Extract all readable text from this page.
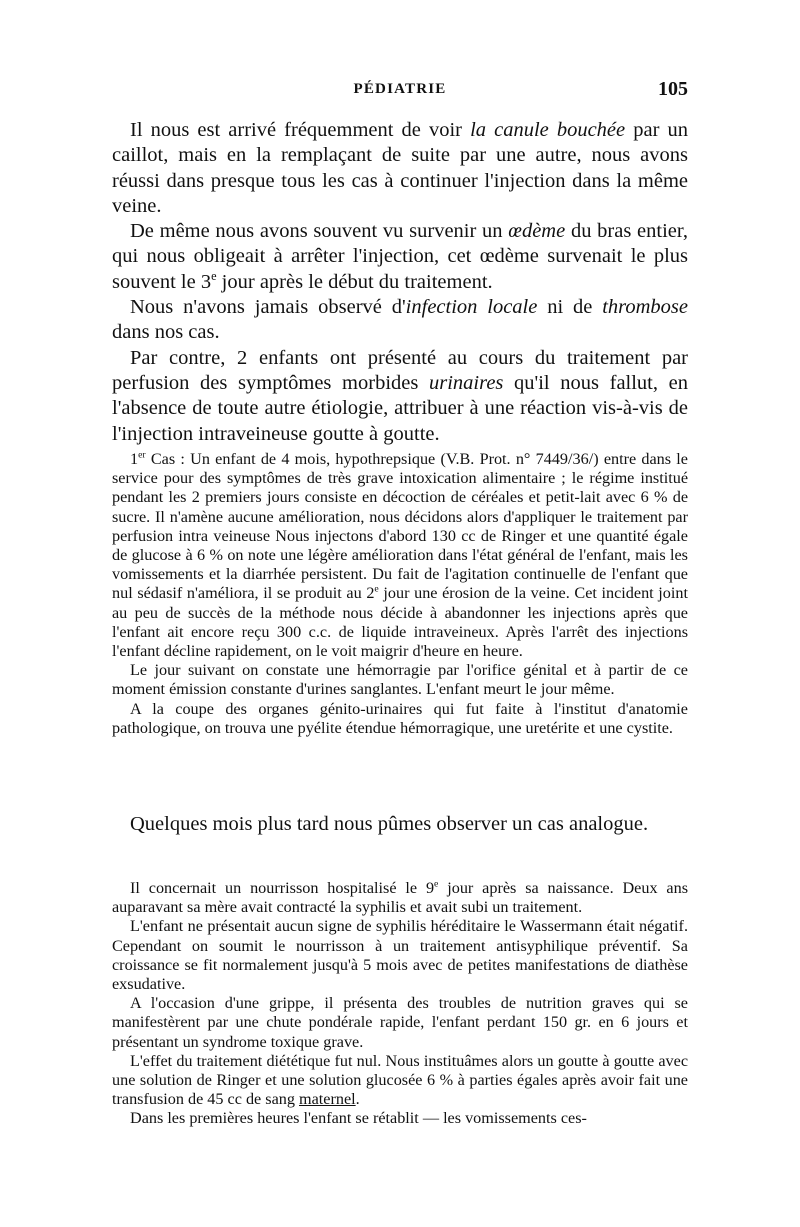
PÉDIATRIE	105

Il nous est arrivé fréquemment de voir la canule bouchée par un caillot, mais en la remplaçant de suite par une autre, nous avons réussi dans presque tous les cas à continuer l'injection dans la même veine.

De même nous avons souvent vu survenir un œdème du bras entier, qui nous obligeait à arrêter l'injection, cet œdème survenait le plus souvent le 3e jour après le début du traitement.

Nous n'avons jamais observé d'infection locale ni de thrombose dans nos cas.

Par contre, 2 enfants ont présenté au cours du traitement par perfusion des symptômes morbides urinaires qu'il nous fallut, en l'absence de toute autre étiologie, attribuer à une réaction vis-à-vis de l'injection intraveineuse goutte à goutte.

1er Cas : Un enfant de 4 mois, hypothrepsique (V.B. Prot. n° 7449/36/) entre dans le service pour des symptômes de très grave intoxication alimentaire ; le régime institué pendant les 2 premiers jours consiste en décoction de céréales et petit-lait avec 6 % de sucre. Il n'amène aucune amélioration, nous décidons alors d'appliquer le traitement par perfusion intra veineuse Nous injectons d'abord 130 cc de Ringer et une quantité égale de glucose à 6 % on note une légère amélioration dans l'état général de l'enfant, mais les vomissements et la diarrhée persistent. Du fait de l'agitation continuelle de l'enfant que nul sédasif n'améliora, il se produit au 2e jour une érosion de la veine. Cet incident joint au peu de succès de la méthode nous décide à abandonner les injections après que l'enfant ait encore reçu 300 c.c. de liquide intraveineux. Après l'arrêt des injections l'enfant décline rapidement, on le voit maigrir d'heure en heure.

Le jour suivant on constate une hémorragie par l'orifice génital et à partir de ce moment émission constante d'urines sanglantes. L'enfant meurt le jour même.

A la coupe des organes génito-urinaires qui fut faite à l'institut d'anatomie pathologique, on trouva une pyélite étendue hémorragique, une uretérite et une cystite.

Quelques mois plus tard nous pûmes observer un cas analogue.

Il concernait un nourrisson hospitalisé le 9e jour après sa naissance. Deux ans auparavant sa mère avait contracté la syphilis et avait subi un traitement.

L'enfant ne présentait aucun signe de syphilis héréditaire le Wassermann était négatif. Cependant on soumit le nourrisson à un traitement antisyphilique préventif. Sa croissance se fit normalement jusqu'à 5 mois avec de petites manifestations de diathèse exsudative.

A l'occasion d'une grippe, il présenta des troubles de nutrition graves qui se manifestèrent par une chute pondérale rapide, l'enfant perdant 150 gr. en 6 jours et présentant un syndrome toxique grave.

L'effet du traitement diététique fut nul. Nous instituâmes alors un goutte à goutte avec une solution de Ringer et une solution glucosée 6 % à parties égales après avoir fait une transfusion de 45 cc de sang maternel.

Dans les premières heures l'enfant se rétablit — les vomissements ces-
